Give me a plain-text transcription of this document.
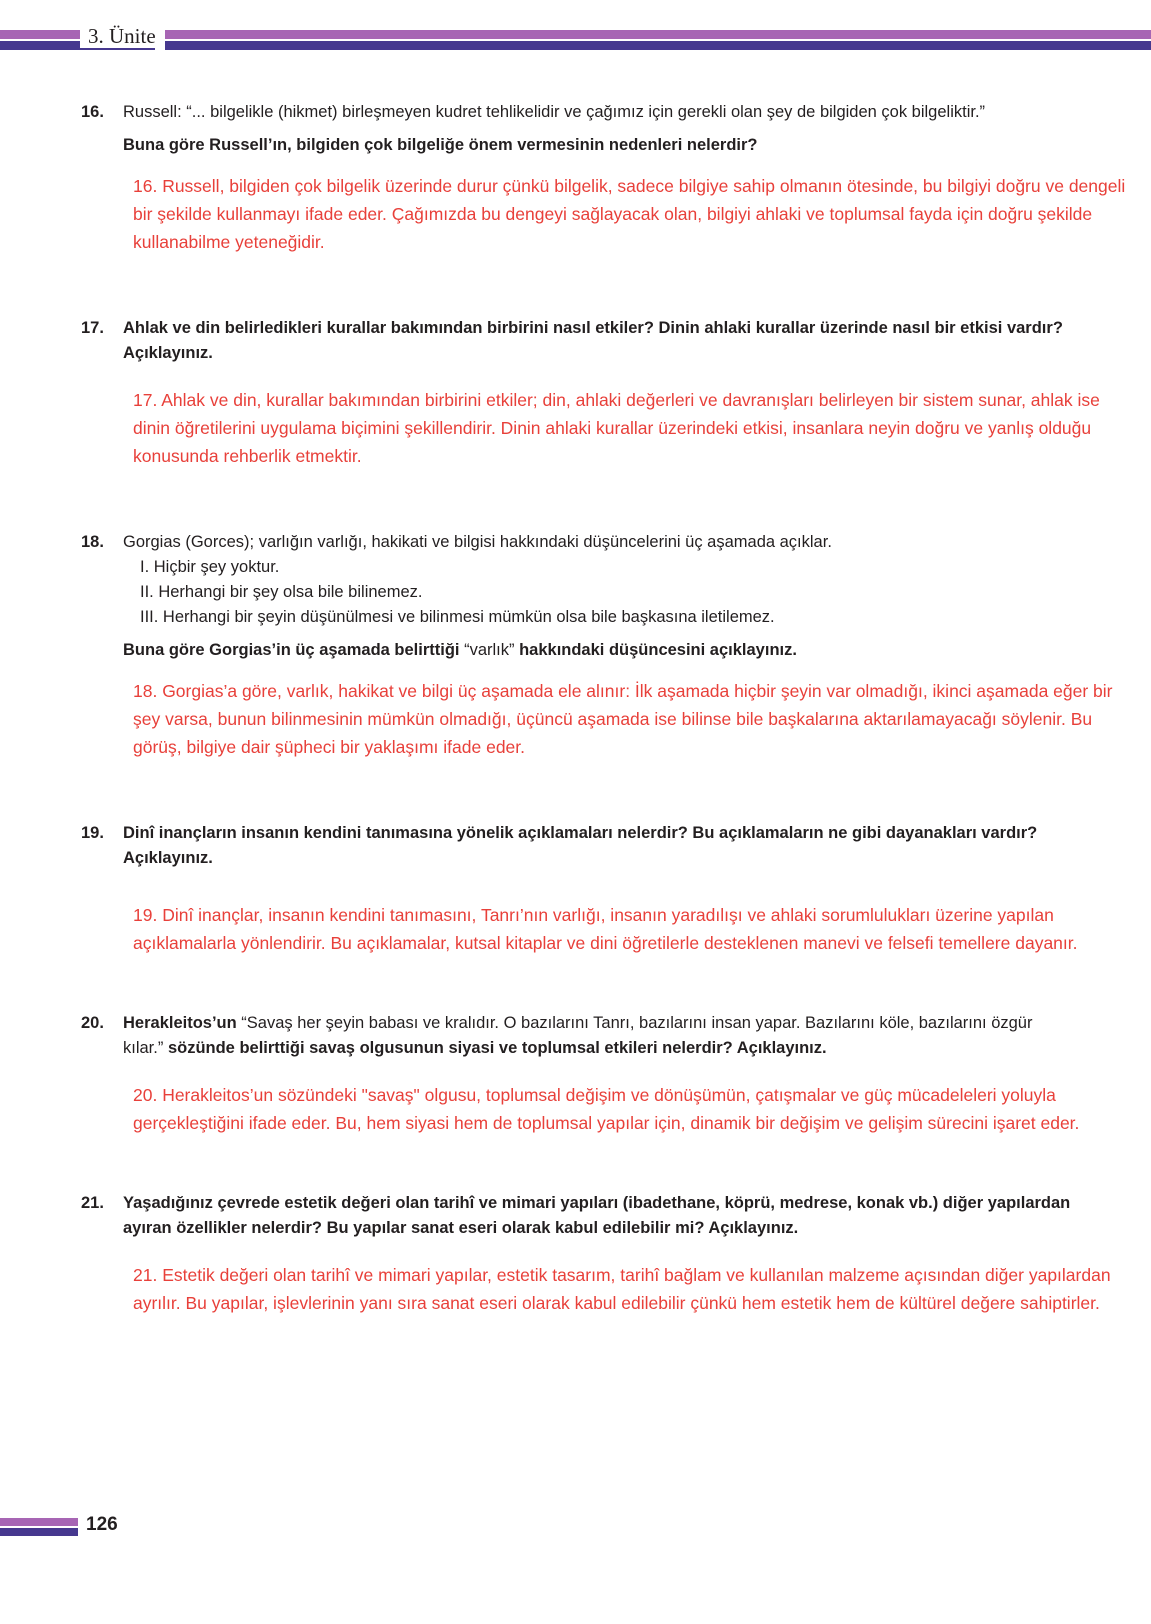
3. Ünite
16.	Russell: “... bilgelikle (hikmet) birleşmeyen kudret tehlikelidir ve çağımız için gerekli olan şey de bilgiden çok bilgeliktir.”
Buna göre Russell’ın, bilgiden çok bilgeliğe önem vermesinin nedenleri nelerdir?
16. Russell, bilgiden çok bilgelik üzerinde durur çünkü bilgelik, sadece bilgiye sahip olmanın ötesinde, bu bilgiyi doğru ve dengeli bir şekilde kullanmayı ifade eder. Çağımızda bu dengeyi sağlayacak olan, bilgiyi ahlaki ve toplumsal fayda için doğru şekilde kullanabilme yeteneğidir.
17.	Ahlak ve din belirledikleri kurallar bakımından birbirini nasıl etkiler? Dinin ahlaki kurallar üzerinde nasıl bir etkisi vardır? Açıklayınız.
17. Ahlak ve din, kurallar bakımından birbirini etkiler; din, ahlaki değerleri ve davranışları belirleyen bir sistem sunar, ahlak ise dinin öğretilerini uygulama biçimini şekillendirir. Dinin ahlaki kurallar üzerindeki etkisi, insanlara neyin doğru ve yanlış olduğu konusunda rehberlik etmektir.
18.	Gorgias (Gorces); varlığın varlığı, hakikati ve bilgisi hakkındaki düşüncelerini üç aşamada açıklar.
I. Hiçbir şey yoktur.
II. Herhangi bir şey olsa bile bilinemez.
III. Herhangi bir şeyin düşünülmesi ve bilinmesi mümkün olsa bile başkasına iletilemez.
Buna göre Gorgias’in üç aşamada belirttiği “varlık” hakkındaki düşüncesini açıklayınız.
18. Gorgias’a göre, varlık, hakikat ve bilgi üç aşamada ele alınır: İlk aşamada hiçbir şeyin var olmadığı, ikinci aşamada eğer bir şey varsa, bunun bilinmesinin mümkün olmadığı, üçüncü aşamada ise bilinse bile başkalarına aktarılamayacağı söylenir. Bu görüş, bilgiye dair şüpheci bir yaklaşımı ifade eder.
19.	Dinî inançların insanın kendini tanımasına yönelik açıklamaları nelerdir? Bu açıklamaların ne gibi dayanakları vardır? Açıklayınız.
19. Dinî inançlar, insanın kendini tanımasını, Tanrı’nın varlığı, insanın yaradılışı ve ahlaki sorumlulukları üzerine yapılan açıklamalarla yönlendirir. Bu açıklamalar, kutsal kitaplar ve dini öğretilerle desteklenen manevi ve felsefi temellere dayanır.
20.	Herakleitos’un “Savaş her şeyin babası ve kralıdır. O bazılarını Tanrı, bazılarını insan yapar. Bazılarını köle, bazılarını özgür kılar.” sözünde belirttiği savaş olgusunun siyasi ve toplumsal etkileri nelerdir? Açıklayınız.
20. Herakleitos’un sözündeki "savaş" olgusu, toplumsal değişim ve dönüşümün, çatışmalar ve güç mücadeleleri yoluyla gerçekleştiğini ifade eder. Bu, hem siyasi hem de toplumsal yapılar için, dinamik bir değişim ve gelişim sürecini işaret eder.
21.	Yaşadığınız çevrede estetik değeri olan tarihî ve mimari yapıları (ibadethane, köprü, medrese, konak vb.) diğer yapılardan ayıran özellikler nelerdir? Bu yapılar sanat eseri olarak kabul edilebilir mi? Açıklayınız.
21. Estetik değeri olan tarihî ve mimari yapılar, estetik tasarım, tarihî bağlam ve kullanılan malzeme açısından diğer yapılardan ayrılır. Bu yapılar, işlevlerinin yanı sıra sanat eseri olarak kabul edilebilir çünkü hem estetik hem de kültürel değere sahiptirler.
126
